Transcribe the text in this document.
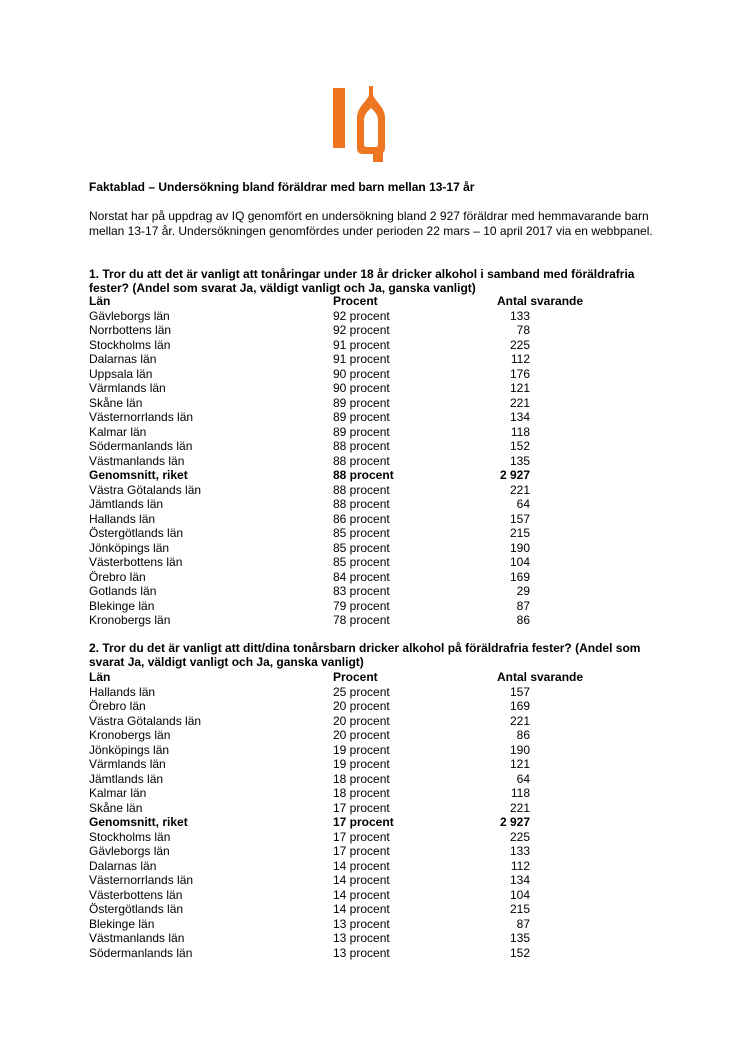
Faktablad – Undersökning bland föräldrar med barn mellan 13-17 år
Norstat har på uppdrag av IQ genomfört en undersökning bland 2 927 föräldrar med hemmavarande barn mellan 13-17 år. Undersökningen genomfördes under perioden 22 mars – 10 april 2017 via en webbpanel.
1. Tror du att det är vanligt att tonåringar under 18 år dricker alkohol i samband med föräldrafria fester? (Andel som svarat Ja, väldigt vanligt och Ja, ganska vanligt)
Län	Procent	Antal svarande
Gävleborgs län	92 procent	133
Norrbottens län	92 procent	78
Stockholms län	91 procent	225
Dalarnas län	91 procent	112
Uppsala län	90 procent	176
Värmlands län	90 procent	121
Skåne län	89 procent	221
Västernorrlands län	89 procent	134
Kalmar län	89 procent	118
Södermanlands län	88 procent	152
Västmanlands län	88 procent	135
Genomsnitt, riket	88 procent	2 927
Västra Götalands län	88 procent	221
Jämtlands län	88 procent	64
Hallands län	86 procent	157
Östergötlands län	85 procent	215
Jönköpings län	85 procent	190
Västerbottens län	85 procent	104
Örebro län	84 procent	169
Gotlands län	83 procent	29
Blekinge län	79 procent	87
Kronobergs län	78 procent	86
2. Tror du det är vanligt att ditt/dina tonårsbarn dricker alkohol på föräldrafria fester? (Andel som svarat Ja, väldigt vanligt och Ja, ganska vanligt)
Län	Procent	Antal svarande
Hallands län	25 procent	157
Örebro län	20 procent	169
Västra Götalands län	20 procent	221
Kronobergs län	20 procent	86
Jönköpings län	19 procent	190
Värmlands län	19 procent	121
Jämtlands län	18 procent	64
Kalmar län	18 procent	118
Skåne län	17 procent	221
Genomsnitt, riket	17 procent	2 927
Stockholms län	17 procent	225
Gävleborgs län	17 procent	133
Dalarnas län	14 procent	112
Västernorrlands län	14 procent	134
Västerbottens län	14 procent	104
Östergötlands län	14 procent	215
Blekinge län	13 procent	87
Västmanlands län	13 procent	135
Södermanlands län	13 procent	152
